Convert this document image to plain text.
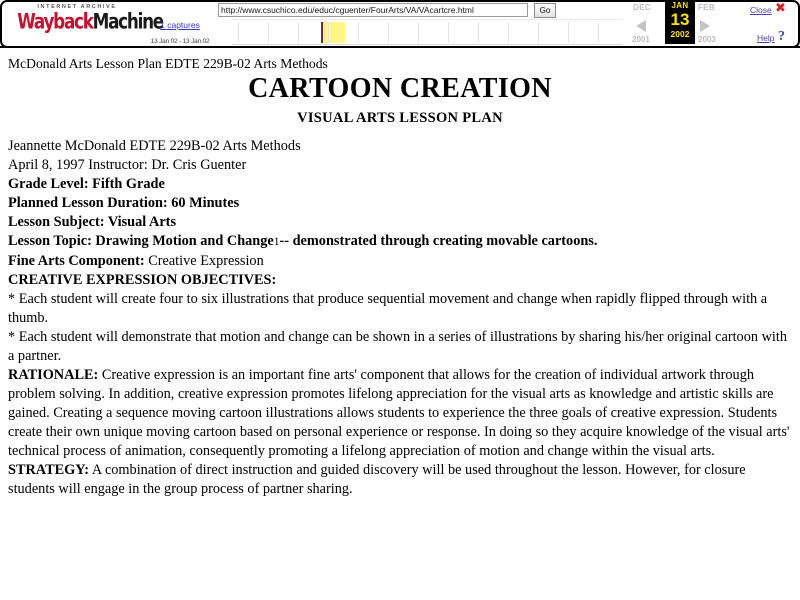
INTERNET ARCHIVE
WaybackMachine
1 captures
13 Jan 02 - 13 Jan 02
http://www.csuchico.edu/educ/cguenter/FourArts/VA/VAcartcre.html
Go	DEC	FEB
JAN
13
2002
2001	2003
Close ✖
Help ?
McDonald Arts Lesson Plan EDTE 229B-02 Arts Methods
CARTOON CREATION
VISUAL ARTS LESSON PLAN
Jeannette McDonald EDTE 229B-02 Arts Methods
April 8, 1997 Instructor: Dr. Cris Guenter
Grade Level: Fifth Grade
Planned Lesson Duration: 60 Minutes
Lesson Subject: Visual Arts
Lesson Topic: Drawing Motion and Change1-- demonstrated through creating movable cartoons.
Fine Arts Component: Creative Expression
CREATIVE EXPRESSION OBJECTIVES:
* Each student will create four to six illustrations that produce sequential movement and change when rapidly flipped through with a thumb.
* Each student will demonstrate that motion and change can be shown in a series of illustrations by sharing his/her original cartoon with a partner.
RATIONALE: Creative expression is an important fine arts' component that allows for the creation of individual artwork through problem solving. In addition, creative expression promotes lifelong appreciation for the visual arts as knowledge and artistic skills are gained. Creating a sequence moving cartoon illustrations allows students to experience the three goals of creative expression. Students create their own unique moving cartoon based on personal experience or response. In doing so they acquire knowledge of the visual arts' technical process of animation, consequently promoting a lifelong appreciation of motion and change within the visual arts.
STRATEGY: A combination of direct instruction and guided discovery will be used throughout the lesson. However, for closure students will engage in the group process of partner sharing.
